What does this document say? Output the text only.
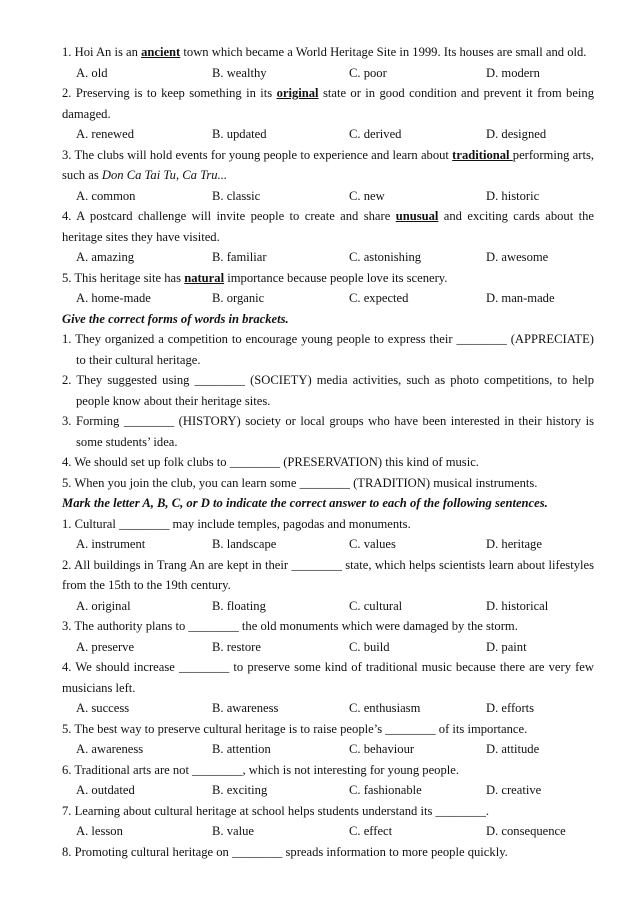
1. Hoi An is an ancient town which became a World Heritage Site in 1999. Its houses are small and old.

A. old	B. wealthy	C. poor	D. modern

2. Preserving is to keep something in its original state or in good condition and prevent it from being damaged.

A. renewed	B. updated	C. derived	D. designed

3. The clubs will hold events for young people to experience and learn about traditional performing arts, such as Don Ca Tai Tu, Ca Tru...

A. common	B. classic	C. new	D. historic

4. A postcard challenge will invite people to create and share unusual and exciting cards about the heritage sites they have visited.

A. amazing	B. familiar	C. astonishing	D. awesome

5. This heritage site has natural importance because people love its scenery.

A. home-made	B. organic	C. expected	D. man-made

Give the correct forms of words in brackets.

1. They organized a competition to encourage young people to express their ________ (APPRECIATE) to their cultural heritage.

2. They suggested using ________ (SOCIETY) media activities, such as photo competitions, to help people know about their heritage sites.

3. Forming ________ (HISTORY) society or local groups who have been interested in their history is some students’ idea.

4. We should set up folk clubs to ________ (PRESERVATION) this kind of music.

5. When you join the club, you can learn some ________ (TRADITION) musical instruments.

Mark the letter A, B, C, or D to indicate the correct answer to each of the following sentences.

1. Cultural ________ may include temples, pagodas and monuments.

A. instrument	B. landscape	C. values	D. heritage

2. All buildings in Trang An are kept in their ________ state, which helps scientists learn about lifestyles from the 15th to the 19th century.

A. original	B. floating	C. cultural	D. historical

3. The authority plans to ________ the old monuments which were damaged by the storm.

A. preserve	B. restore	C. build	D. paint

4. We should increase ________ to preserve some kind of traditional music because there are very few musicians left.

A. success	B. awareness	C. enthusiasm	D. efforts

5. The best way to preserve cultural heritage is to raise people’s ________ of its importance.

A. awareness	B. attention	C. behaviour	D. attitude

6. Traditional arts are not ________, which is not interesting for young people.

A. outdated	B. exciting	C. fashionable	D. creative

7. Learning about cultural heritage at school helps students understand its ________.

A. lesson	B. value	C. effect	D. consequence

8. Promoting cultural heritage on ________ spreads information to more people quickly.
